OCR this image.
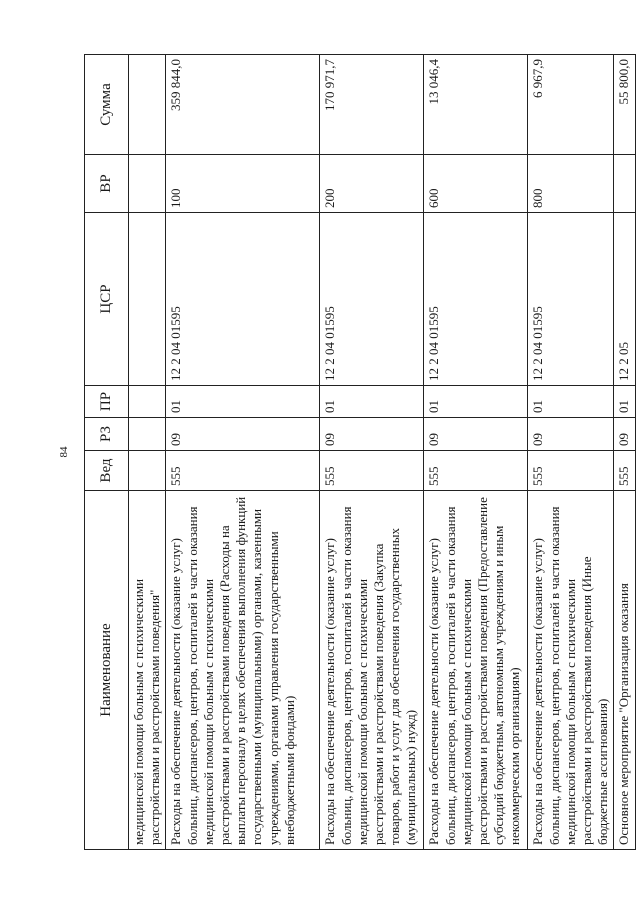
84
Наименование	Вед	РЗ	ПР	ЦСР	ВР	Сумма
медицинской помощи больным с психическими расстройствами и расстройствами поведения"						
Расходы на обеспечение деятельности (оказание услуг) больниц, диспансеров, центров, госпиталей в части оказания медицинской помощи больным с психическими расстройствами и расстройствами поведения (Расходы на выплаты персоналу в целях обеспечения выполнения функций государственными (муниципальными) органами, казенными учреждениями, органами управления государственными внебюджетными фондами)	555	09	01	12 2 04 01595	100	359 844,0
Расходы на обеспечение деятельности (оказание услуг) больниц, диспансеров, центров, госпиталей в части оказания медицинской помощи больным с психическими расстройствами и расстройствами поведения (Закупка товаров, работ и услуг для обеспечения государственных (муниципальных) нужд)	555	09	01	12 2 04 01595	200	170 971,7
Расходы на обеспечение деятельности (оказание услуг) больниц, диспансеров, центров, госпиталей в части оказания медицинской помощи больным с психическими расстройствами и расстройствами поведения (Предоставление субсидий бюджетным, автономным учреждениям и иным некоммерческим организациям)	555	09	01	12 2 04 01595	600	13 046,4
Расходы на обеспечение деятельности (оказание услуг) больниц, диспансеров, центров, госпиталей в части оказания медицинской помощи больным с психическими расстройствами и расстройствами поведения (Иные бюджетные ассигнования)	555	09	01	12 2 04 01595	800	6 967,9
Основное мероприятие "Организация оказания	555	09	01	12 2 05		55 800,0
